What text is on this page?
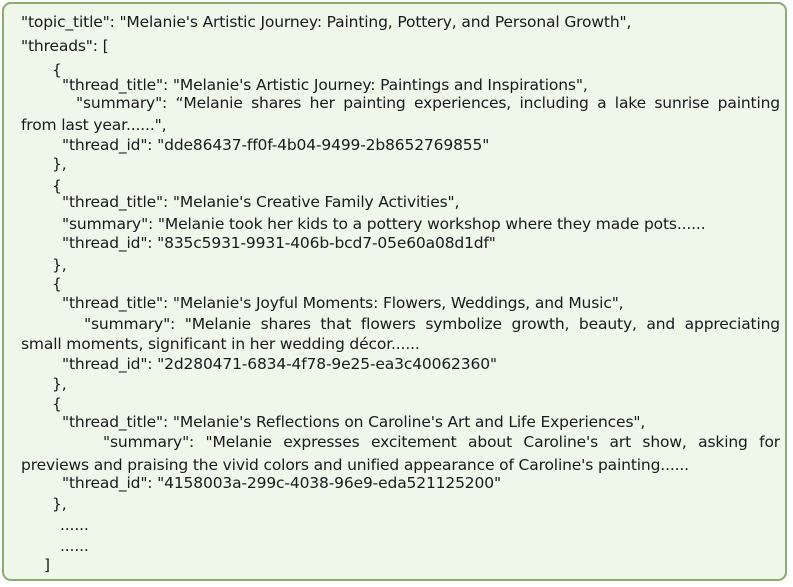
"topic_title": "Melanie's Artistic Journey: Painting, Pottery, and Personal Growth",
"threads": [
{
"thread_title": "Melanie's Artistic Journey: Paintings and Inspirations",
"summary": “Melanie shares her painting experiences, including a lake sunrise painting
from last year......",
"thread_id": "dde86437-ff0f-4b04-9499-2b8652769855"
},
{
"thread_title": "Melanie's Creative Family Activities",
"summary": "Melanie took her kids to a pottery workshop where they made pots......
"thread_id": "835c5931-9931-406b-bcd7-05e60a08d1df"
},
{
"thread_title": "Melanie's Joyful Moments: Flowers, Weddings, and Music",
"summary": "Melanie shares that flowers symbolize growth, beauty, and appreciating
small moments, significant in her wedding décor......
"thread_id": "2d280471-6834-4f78-9e25-ea3c40062360"
},
{
"thread_title": "Melanie's Reflections on Caroline's Art and Life Experiences",
"summary": "Melanie expresses excitement about Caroline's art show, asking for
previews and praising the vivid colors and unified appearance of Caroline's painting......
"thread_id": "4158003a-299c-4038-96e9-eda521125200"
},
......
......
]
